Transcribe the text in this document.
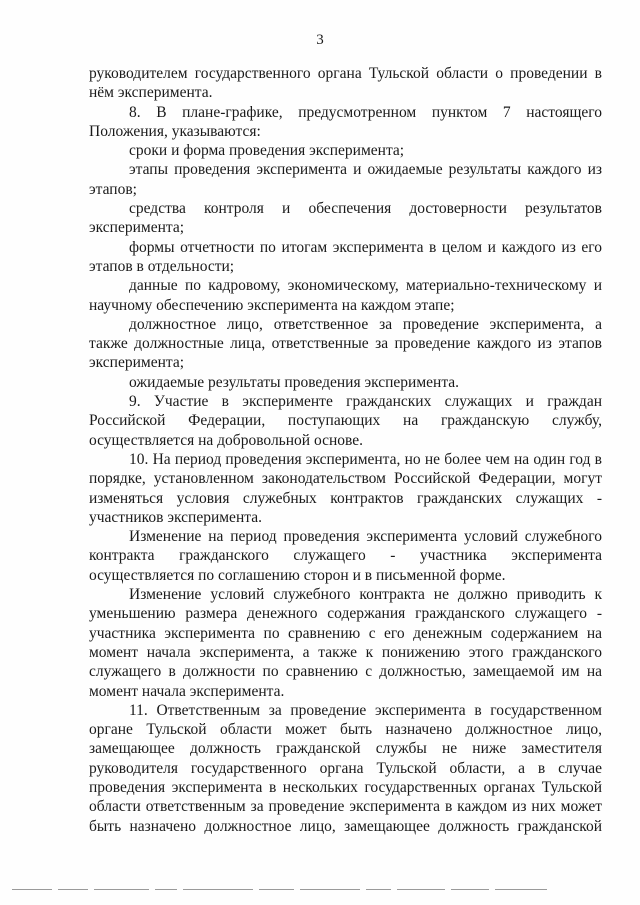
3

руководителем государственного органа Тульской области о проведении в нём эксперимента.

8. В плане-графике, предусмотренном пунктом 7 настоящего Положения, указываются:

сроки и форма проведения эксперимента;

этапы проведения эксперимента и ожидаемые результаты каждого из этапов;

средства контроля и обеспечения достоверности результатов эксперимента;

формы отчетности по итогам эксперимента в целом и каждого из его этапов в отдельности;

данные по кадровому, экономическому, материально-техническому и научному обеспечению эксперимента на каждом этапе;

должностное лицо, ответственное за проведение эксперимента, а также должностные лица, ответственные за проведение каждого из этапов эксперимента;

ожидаемые результаты проведения эксперимента.

9. Участие в эксперименте гражданских служащих и граждан Российской Федерации, поступающих на гражданскую службу, осуществляется на добровольной основе.

10. На период проведения эксперимента, но не более чем на один год в порядке, установленном законодательством Российской Федерации, могут изменяться условия служебных контрактов гражданских служащих - участников эксперимента.

Изменение на период проведения эксперимента условий служебного контракта гражданского служащего - участника эксперимента осуществляется по соглашению сторон и в письменной форме.

Изменение условий служебного контракта не должно приводить к уменьшению размера денежного содержания гражданского служащего - участника эксперимента по сравнению с его денежным содержанием на момент начала эксперимента, а также к понижению этого гражданского служащего в должности по сравнению с должностью, замещаемой им на момент начала эксперимента.

11. Ответственным за проведение эксперимента в государственном органе Тульской области может быть назначено должностное лицо, замещающее должность гражданской службы не ниже заместителя руководителя государственного органа Тульской области, а в случае проведения эксперимента в нескольких государственных органах Тульской области ответственным за проведение эксперимента в каждом из них может быть назначено должностное лицо, замещающее должность гражданской
